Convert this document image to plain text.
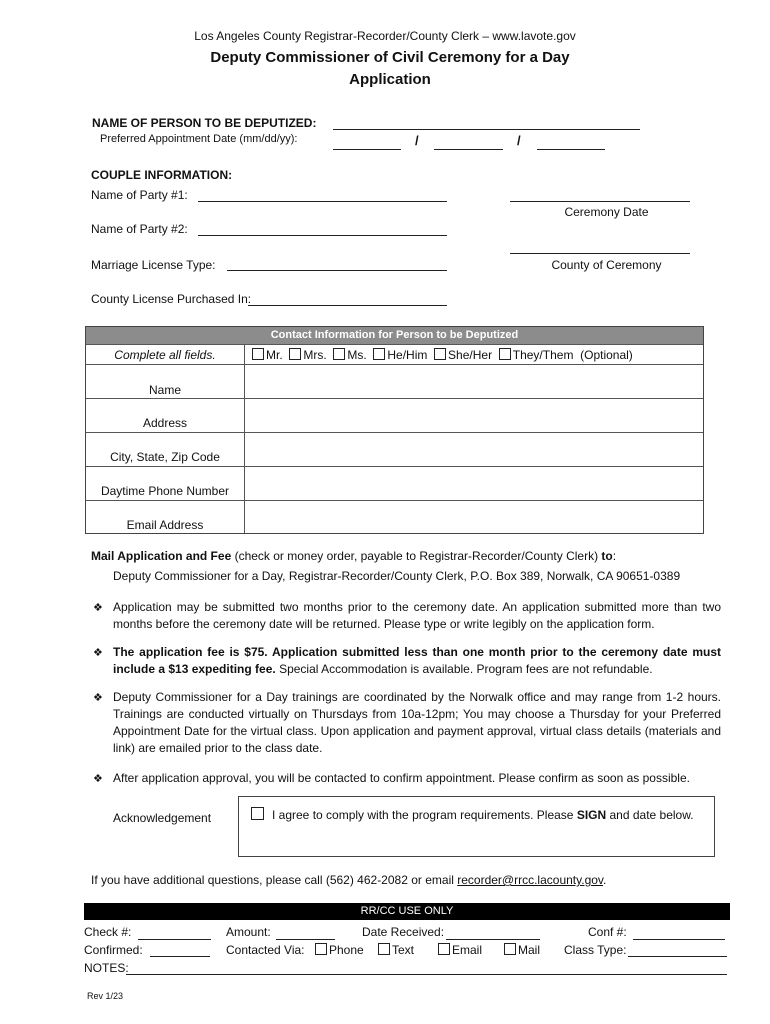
Los Angeles County Registrar-Recorder/County Clerk – www.lavote.gov
Deputy Commissioner of Civil Ceremony for a Day
Application
NAME OF PERSON TO BE DEPUTIZED:
Preferred Appointment Date (mm/dd/yy):	/	/
COUPLE INFORMATION:
Name of Party #1:
Name of Party #2:
Marriage License Type:
County License Purchased In:
Ceremony Date
County of Ceremony
Contact Information for Person to be Deputized
Complete all fields.	Mr. Mrs. Ms. He/Him She/Her They/Them (Optional)
Name
Address
City, State, Zip Code
Daytime Phone Number
Email Address
Mail Application and Fee (check or money order, payable to Registrar-Recorder/County Clerk) to:
Deputy Commissioner for a Day, Registrar-Recorder/County Clerk, P.O. Box 389, Norwalk, CA 90651-0389
❖ Application may be submitted two months prior to the ceremony date. An application submitted more than two months before the ceremony date will be returned. Please type or write legibly on the application form.
❖ The application fee is $75. Application submitted less than one month prior to the ceremony date must include a $13 expediting fee. Special Accommodation is available. Program fees are not refundable.
❖ Deputy Commissioner for a Day trainings are coordinated by the Norwalk office and may range from 1-2 hours. Trainings are conducted virtually on Thursdays from 10a-12pm; You may choose a Thursday for your Preferred Appointment Date for the virtual class. Upon application and payment approval, virtual class details (materials and link) are emailed prior to the class date.
❖ After application approval, you will be contacted to confirm appointment. Please confirm as soon as possible.
Acknowledgement	I agree to comply with the program requirements. Please SIGN and date below.
If you have additional questions, please call (562) 462-2082 or email recorder@rrcc.lacounty.gov.
RR/CC USE ONLY
Check #:	Amount:	Date Received:	Conf #:
Confirmed:	Contacted Via:	Phone	Text	Email	Mail Class Type:
NOTES:
Rev 1/23
